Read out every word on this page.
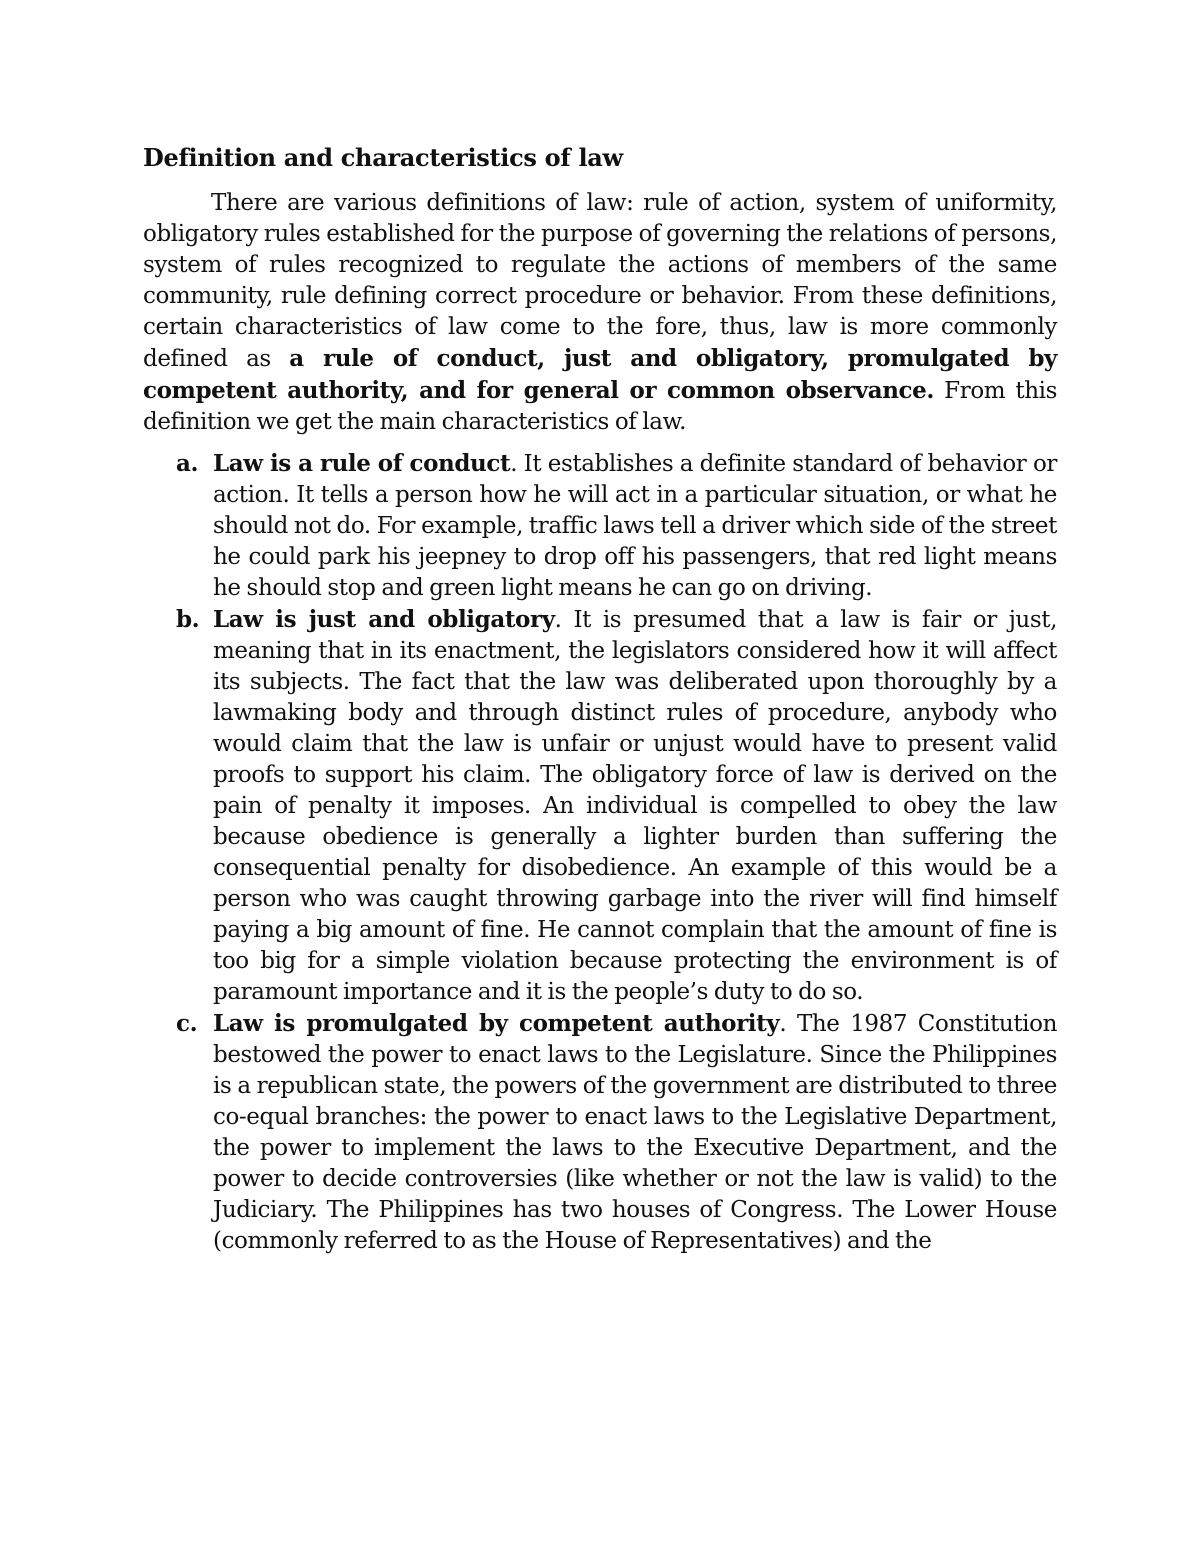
Definition and characteristics of law

There are various definitions of law: rule of action, system of uniformity, obligatory rules established for the purpose of governing the relations of persons, system of rules recognized to regulate the actions of members of the same community, rule defining correct procedure or behavior. From these definitions, certain characteristics of law come to the fore, thus, law is more commonly defined as a rule of conduct, just and obligatory, promulgated by competent authority, and for general or common observance. From this definition we get the main characteristics of law.

a. Law is a rule of conduct. It establishes a definite standard of behavior or action. It tells a person how he will act in a particular situation, or what he should not do. For example, traffic laws tell a driver which side of the street he could park his jeepney to drop off his passengers, that red light means he should stop and green light means he can go on driving.
b. Law is just and obligatory. It is presumed that a law is fair or just, meaning that in its enactment, the legislators considered how it will affect its subjects. The fact that the law was deliberated upon thoroughly by a lawmaking body and through distinct rules of procedure, anybody who would claim that the law is unfair or unjust would have to present valid proofs to support his claim. The obligatory force of law is derived on the pain of penalty it imposes. An individual is compelled to obey the law because obedience is generally a lighter burden than suffering the consequential penalty for disobedience. An example of this would be a person who was caught throwing garbage into the river will find himself paying a big amount of fine. He cannot complain that the amount of fine is too big for a simple violation because protecting the environment is of paramount importance and it is the people’s duty to do so.
c. Law is promulgated by competent authority. The 1987 Constitution bestowed the power to enact laws to the Legislature. Since the Philippines is a republican state, the powers of the government are distributed to three co-equal branches: the power to enact laws to the Legislative Department, the power to implement the laws to the Executive Department, and the power to decide controversies (like whether or not the law is valid) to the Judiciary. The Philippines has two houses of Congress. The Lower House (commonly referred to as the House of Representatives) and the
